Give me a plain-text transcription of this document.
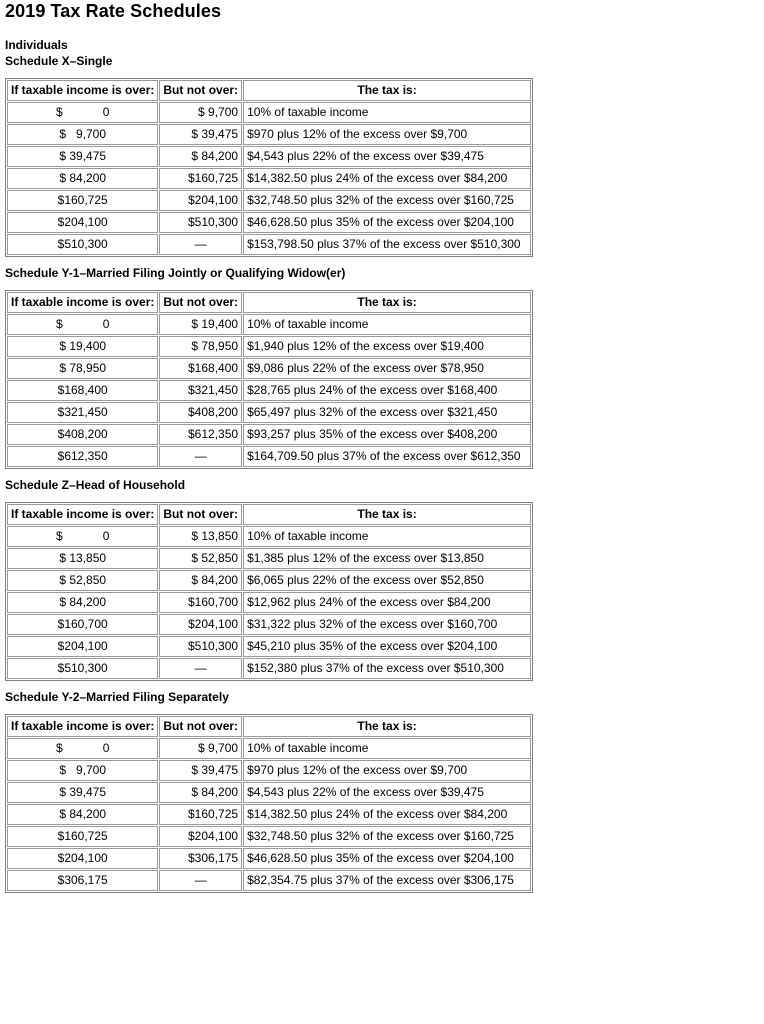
2019 Tax Rate Schedules
Individuals
Schedule X–Single
If taxable income is over:	But not over:	The tax is:
$            0	$ 9,700	10% of taxable income
$   9,700	$ 39,475	$970 plus 12% of the excess over $9,700
$ 39,475	$ 84,200	$4,543 plus 22% of the excess over $39,475
$ 84,200	$160,725	$14,382.50 plus 24% of the excess over $84,200
$160,725	$204,100	$32,748.50 plus 32% of the excess over $160,725
$204,100	$510,300	$46,628.50 plus 35% of the excess over $204,100
$510,300	—	$153,798.50 plus 37% of the excess over $510,300
Schedule Y-1–Married Filing Jointly or Qualifying Widow(er)
If taxable income is over:	But not over:	The tax is:
$            0	$ 19,400	10% of taxable income
$ 19,400	$ 78,950	$1,940 plus 12% of the excess over $19,400
$ 78,950	$168,400	$9,086 plus 22% of the excess over $78,950
$168,400	$321,450	$28,765 plus 24% of the excess over $168,400
$321,450	$408,200	$65,497 plus 32% of the excess over $321,450
$408,200	$612,350	$93,257 plus 35% of the excess over $408,200
$612,350	—	$164,709.50 plus 37% of the excess over $612,350
Schedule Z–Head of Household
If taxable income is over:	But not over:	The tax is:
$            0	$ 13,850	10% of taxable income
$ 13,850	$ 52,850	$1,385 plus 12% of the excess over $13,850
$ 52,850	$ 84,200	$6,065 plus 22% of the excess over $52,850
$ 84,200	$160,700	$12,962 plus 24% of the excess over $84,200
$160,700	$204,100	$31,322 plus 32% of the excess over $160,700
$204,100	$510,300	$45,210 plus 35% of the excess over $204,100
$510,300	—	$152,380 plus 37% of the excess over $510,300
Schedule Y-2–Married Filing Separately
If taxable income is over:	But not over:	The tax is:
$            0	$ 9,700	10% of taxable income
$   9,700	$ 39,475	$970 plus 12% of the excess over $9,700
$ 39,475	$ 84,200	$4,543 plus 22% of the excess over $39,475
$ 84,200	$160,725	$14,382.50 plus 24% of the excess over $84,200
$160,725	$204,100	$32,748.50 plus 32% of the excess over $160,725
$204,100	$306,175	$46,628.50 plus 35% of the excess over $204,100
$306,175	—	$82,354.75 plus 37% of the excess over $306,175
